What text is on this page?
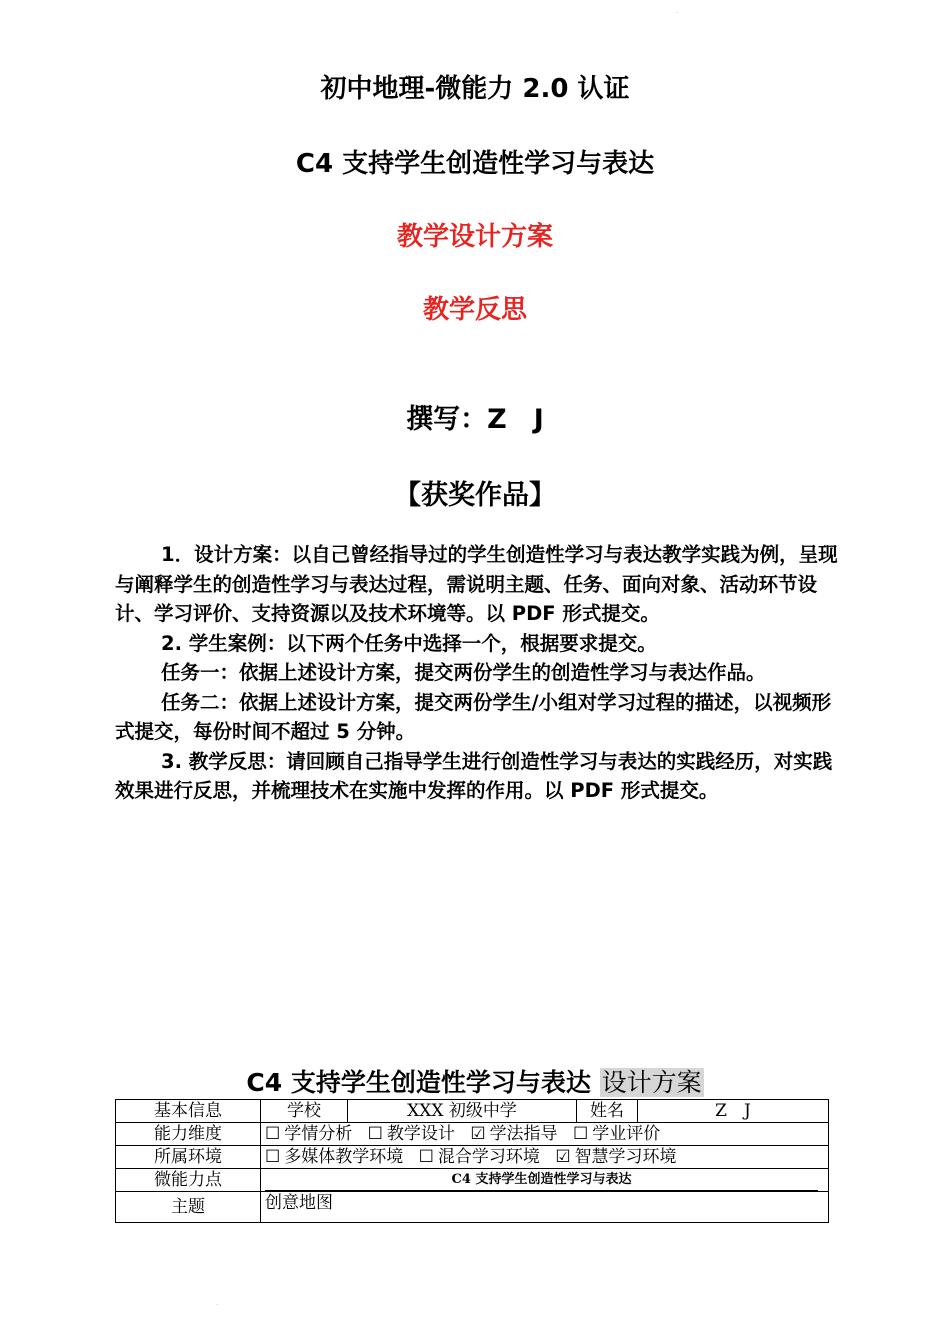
.
.
初中地理-微能力 2.0 认证
C4 支持学生创造性学习与表达
教学设计方案
教学反思
撰写：Z　J
【获奖作品】

1．设计方案：以自己曾经指导过的学生创造性学习与表达教学实践为例，呈现与阐释学生的创造性学习与表达过程，需说明主题、任务、面向对象、活动环节设计、学习评价、支持资源以及技术环境等。以 PDF 形式提交。

2. 学生案例：以下两个任务中选择一个，根据要求提交。

任务一：依据上述设计方案，提交两份学生的创造性学习与表达作品。

任务二：依据上述设计方案，提交两份学生/小组对学习过程的描述，以视频形式提交，每份时间不超过 5 分钟。

3. 教学反思：请回顾自己指导学生进行创造性学习与表达的实践经历，对实践效果进行反思，并梳理技术在实施中发挥的作用。以 PDF 形式提交。

C4 支持学生创造性学习与表达 设计方案
基本信息	学校	XXX 初级中学	姓名	Z　J
能力维度	☐ 学情分析 ☐ 教学设计 ☑ 学法指导 ☐ 学业评价			
所属环境	☐ 多媒体教学环境 ☐ 混合学习环境 ☑ 智慧学习环境			
微能力点	C4 支持学生创造性学习与表达			

主题	创意地图			
